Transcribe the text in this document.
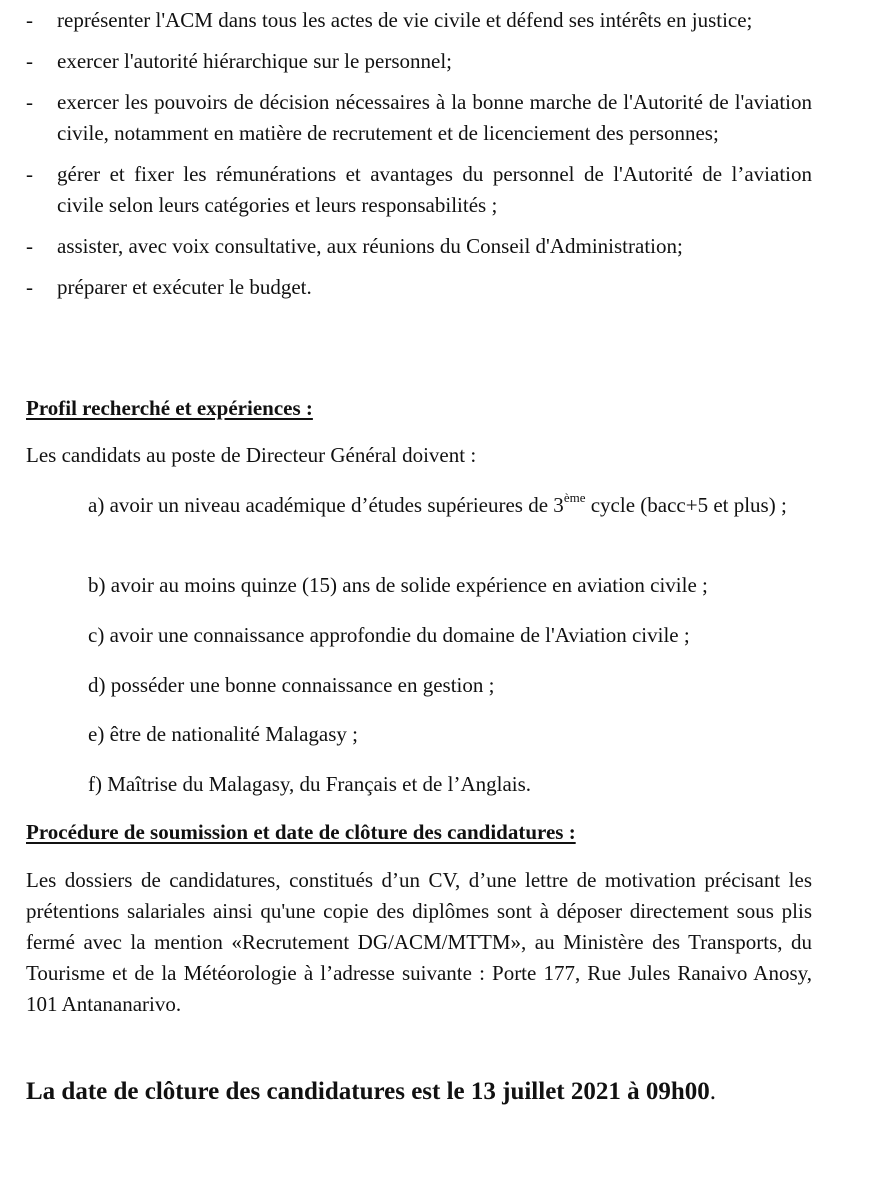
- représenter l'ACM dans tous les actes de vie civile et défend ses intérêts en justice;
- exercer l'autorité hiérarchique sur le personnel;
- exercer les pouvoirs de décision nécessaires à la bonne marche de l'Autorité de l'aviation civile, notamment en matière de recrutement et de licenciement des personnes;
- gérer et fixer les rémunérations et avantages du personnel de l'Autorité de l’aviation civile selon leurs catégories et leurs responsabilités ;
- assister, avec voix consultative, aux réunions du Conseil d'Administration;
- préparer et exécuter le budget.
Profil recherché et expériences :
Les candidats au poste de Directeur Général doivent :
a) avoir un niveau académique d’études supérieures de 3ème cycle (bacc+5 et plus) ;
b) avoir au moins quinze (15) ans de solide expérience en aviation civile ;
c) avoir une connaissance approfondie du domaine de l'Aviation civile ;
d) posséder une bonne connaissance en gestion ;
e) être de nationalité Malagasy ;
f) Maîtrise du Malagasy, du Français et de l’Anglais.
Procédure de soumission et date de clôture des candidatures :
Les dossiers de candidatures, constitués d’un CV, d’une lettre de motivation précisant les prétentions salariales ainsi qu'une copie des diplômes sont à déposer directement sous plis fermé avec la mention «Recrutement DG/ACM/MTTM», au Ministère des Transports, du Tourisme et de la Météorologie à l’adresse suivante : Porte 177, Rue Jules Ranaivo Anosy, 101 Antananarivo.
La date de clôture des candidatures est le 13 juillet 2021 à 09h00.
